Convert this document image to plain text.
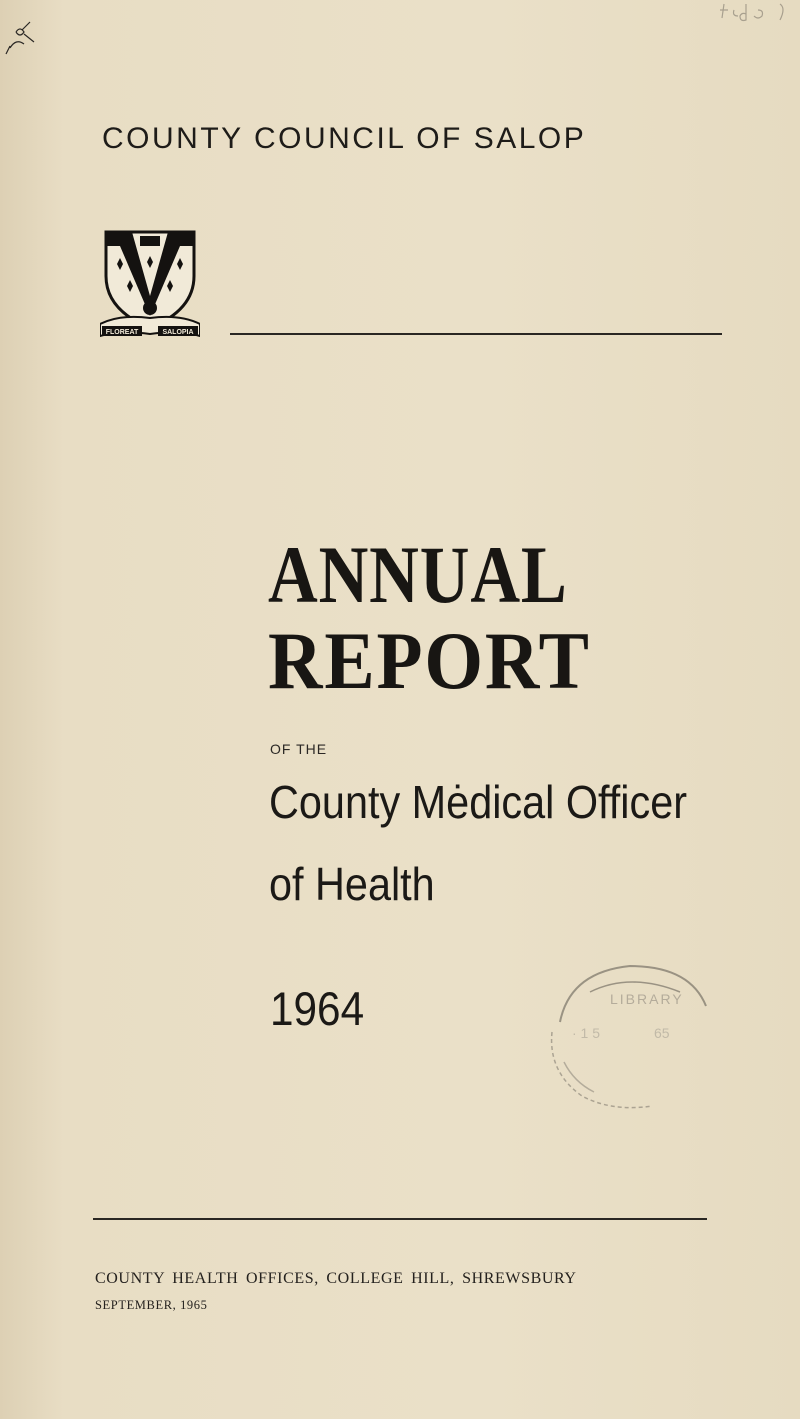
COUNTY COUNCIL OF SALOP
FLOREAT	SALOPIA
ANNUAL
REPORT
OF THE
County Mėdical Officer
of Health
1964	LIBRARY
· 1 5	65
COUNTY HEALTH OFFICES, COLLEGE HILL, SHREWSBURY
SEPTEMBER, 1965
